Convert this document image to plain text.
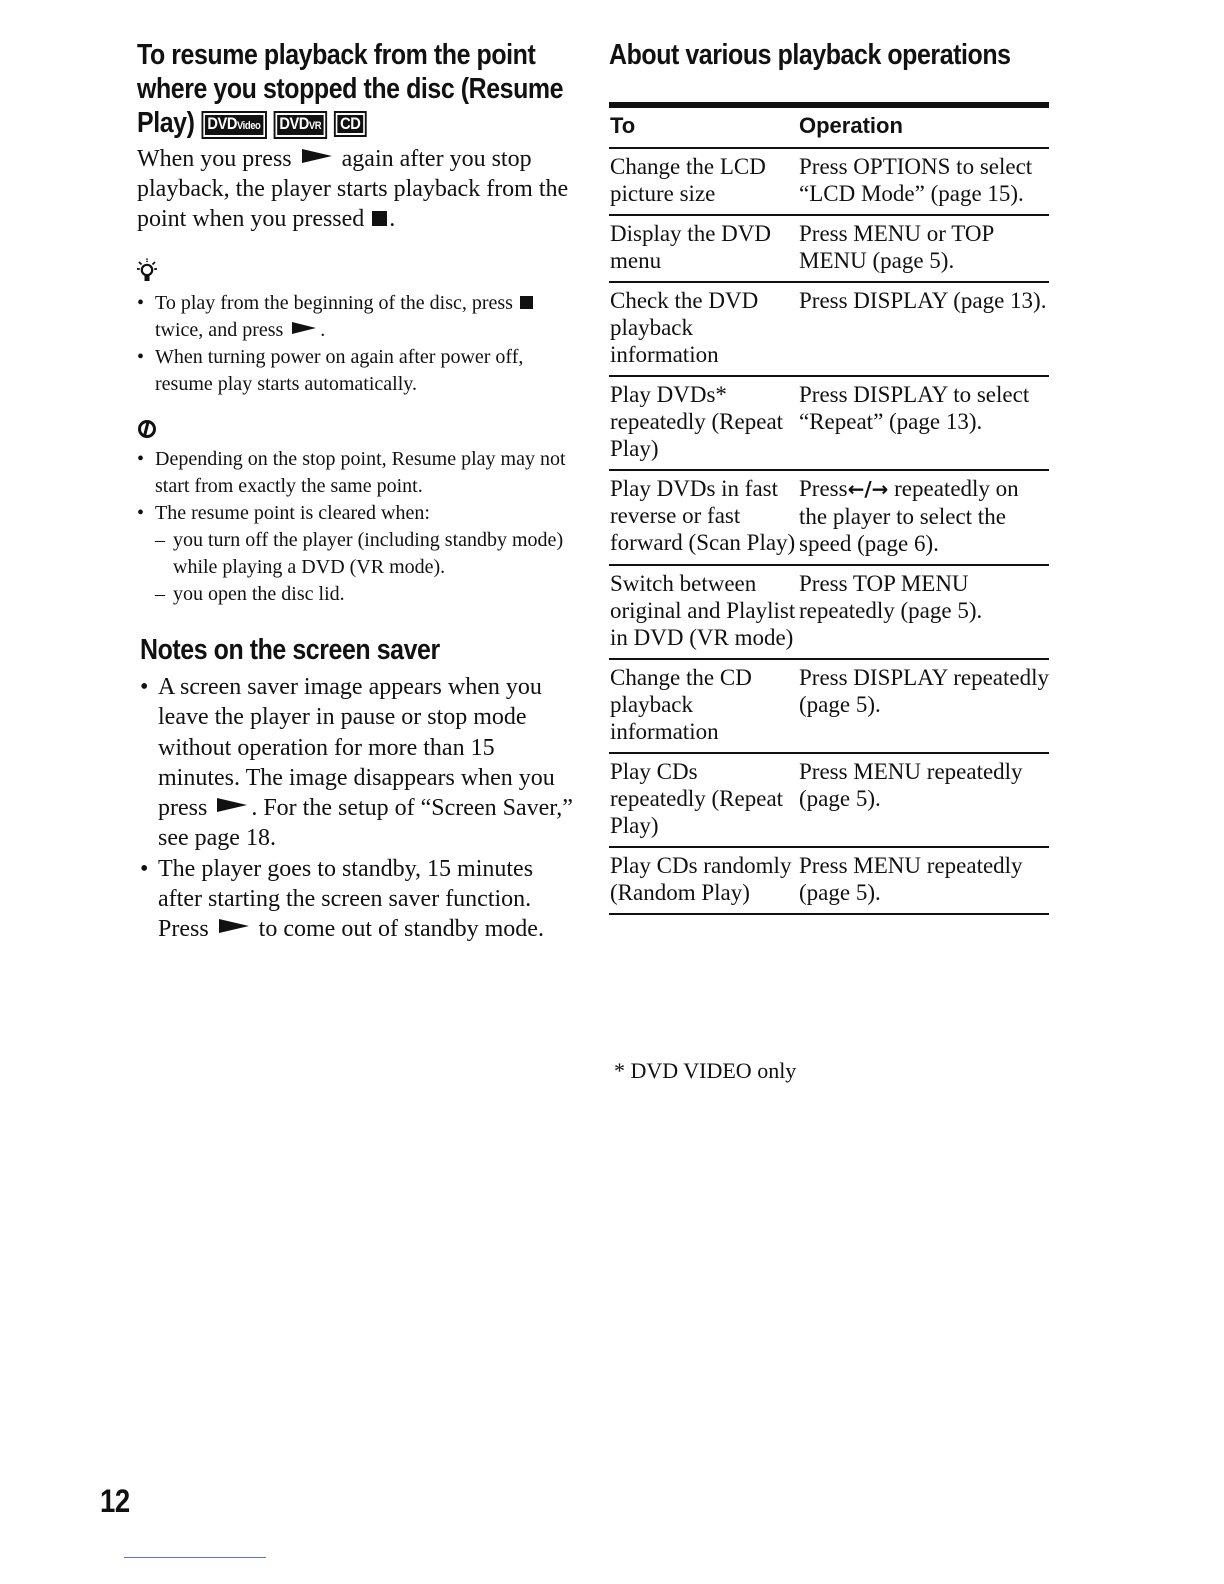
To resume playback from the point where you stopped the disc (Resume Play) DVDVideo DVDVR CD

When you press again after you stop playback, the player starts playback from the point when you pressed .

• To play from the beginning of the disc, press  twice, and press .
• When turning power on again after power off, resume play starts automatically.
• Depending on the stop point, Resume play may not start from exactly the same point.
• The resume point is cleared when:
– you turn off the player (including standby mode) while playing a DVD (VR mode).
– you open the disc lid.
Notes on the screen saver
• A screen saver image appears when you leave the player in pause or stop mode without operation for more than 15 minutes. The image disappears when you press . For the setup of “Screen Saver,” see page 18.
• The player goes to standby, 15 minutes after starting the screen saver function. Press to come out of standby mode.
About various playback operations
To	Operation
Change the LCD picture size	Press OPTIONS to select “LCD Mode” (page 15).
Display the DVD menu	Press MENU or TOP MENU (page 5).
Check the DVD playback information	Press DISPLAY (page 13).
Play DVDs* repeatedly (Repeat Play)	Press DISPLAY to select “Repeat” (page 13).
Play DVDs in fast reverse or fast forward (Scan Play)	Press←/→ repeatedly on the player to select the speed (page 6).
Switch between original and Playlist in DVD (VR mode)	Press TOP MENU repeatedly (page 5).
Change the CD playback information	Press DISPLAY repeatedly (page 5).
Play CDs repeatedly (Repeat Play)	Press MENU repeatedly (page 5).
Play CDs randomly (Random Play)	Press MENU repeatedly (page 5).
* DVD VIDEO only
12
